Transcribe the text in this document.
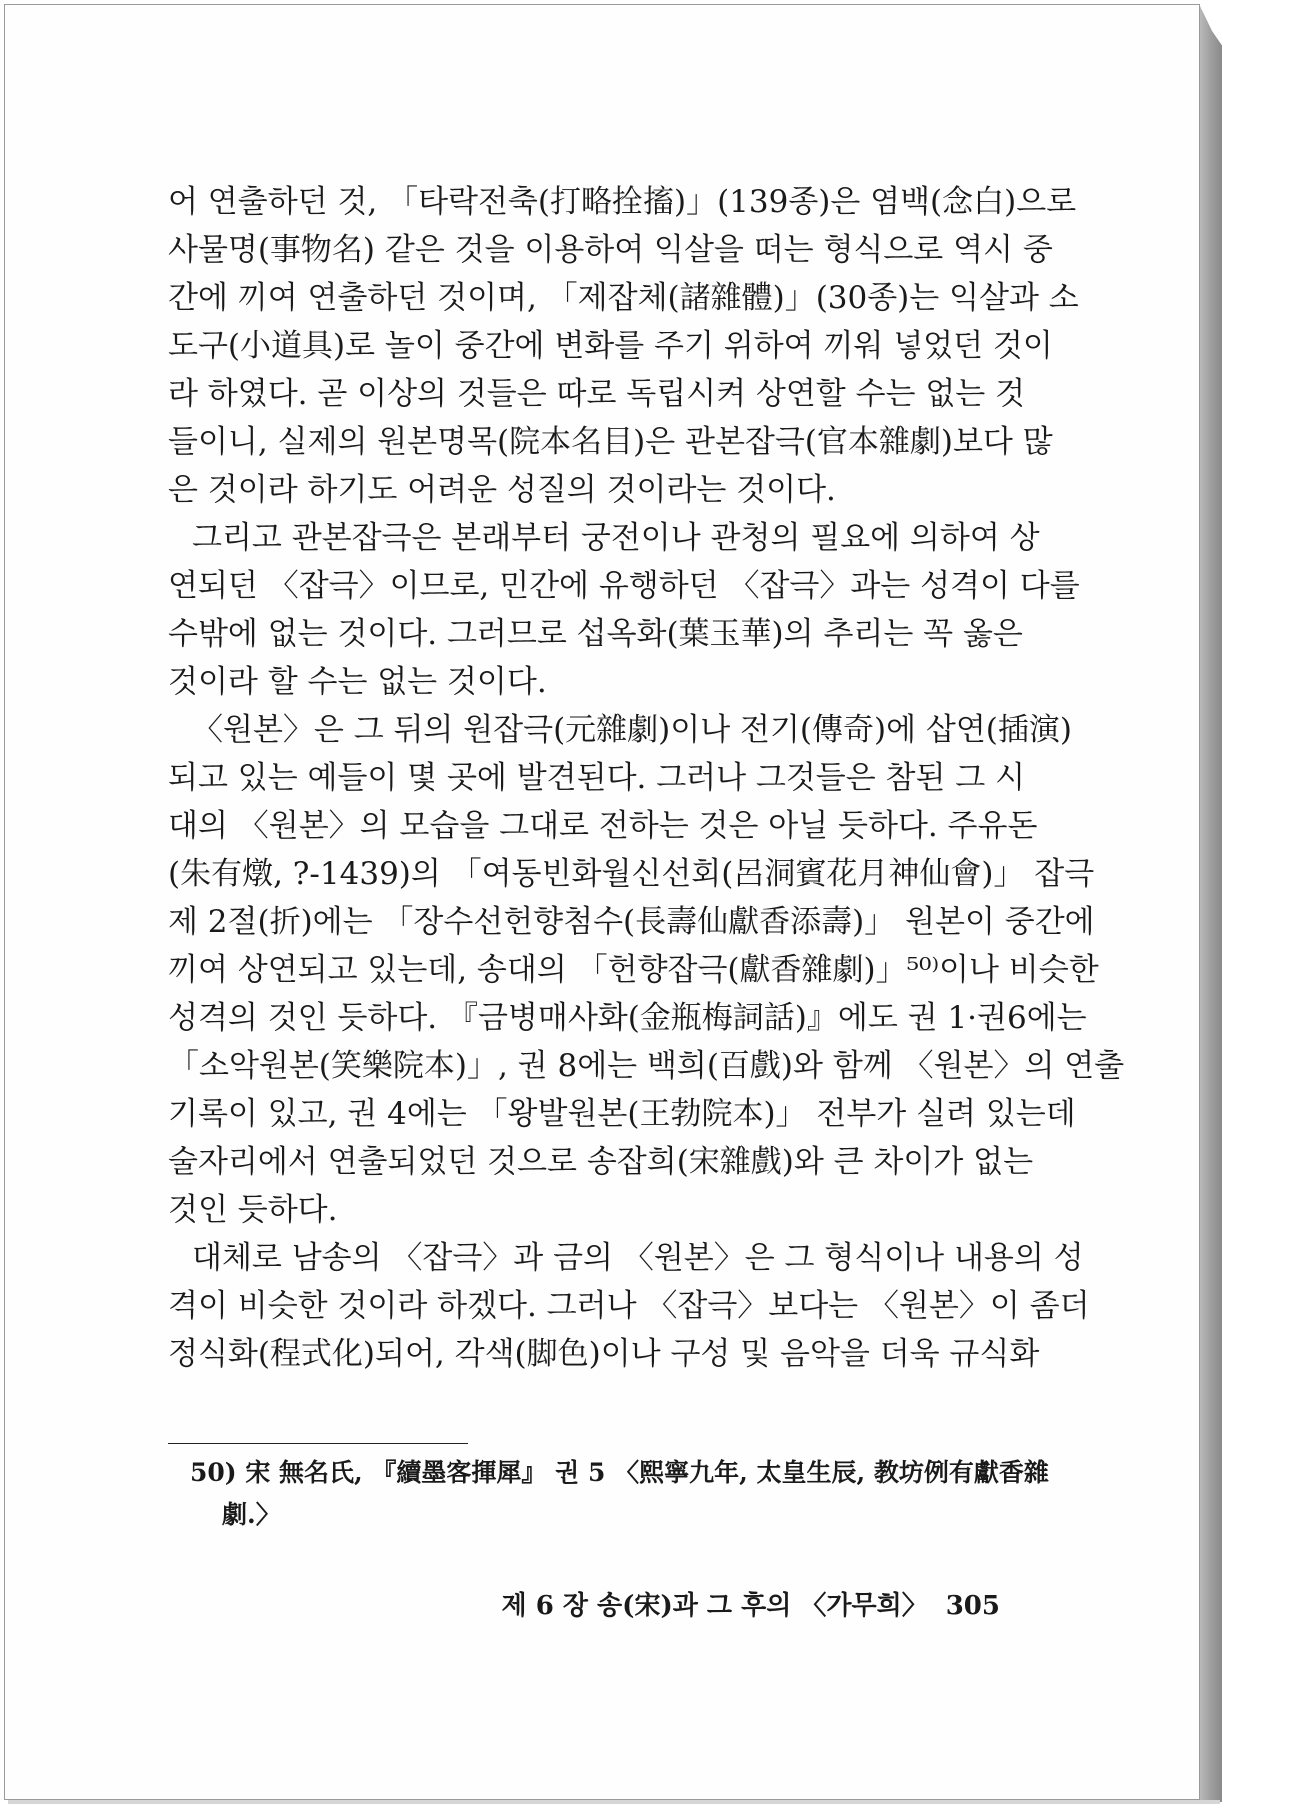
어 연출하던 것, 「타락전축(打略拴搐)」(139종)은 염백(念白)으로
사물명(事物名) 같은 것을 이용하여 익살을 떠는 형식으로 역시 중
간에 끼여 연출하던 것이며, 「제잡체(諸雜體)」(30종)는 익살과 소
도구(小道具)로 놀이 중간에 변화를 주기 위하여 끼워 넣었던 것이
라 하였다. 곧 이상의 것들은 따로 독립시켜 상연할 수는 없는 것
들이니, 실제의 원본명목(院本名目)은 관본잡극(官本雜劇)보다 많
은 것이라 하기도 어려운 성질의 것이라는 것이다.
그리고 관본잡극은 본래부터 궁전이나 관청의 필요에 의하여 상
연되던 〈잡극〉이므로, 민간에 유행하던 〈잡극〉과는 성격이 다를
수밖에 없는 것이다. 그러므로 섭옥화(葉玉華)의 추리는 꼭 옳은
것이라 할 수는 없는 것이다.
〈원본〉은 그 뒤의 원잡극(元雜劇)이나 전기(傳奇)에 삽연(插演)
되고 있는 예들이 몇 곳에 발견된다. 그러나 그것들은 참된 그 시
대의 〈원본〉의 모습을 그대로 전하는 것은 아닐 듯하다. 주유돈
(朱有燉, ?-1439)의 「여동빈화월신선회(呂洞賓花月神仙會)」 잡극
제 2절(折)에는 「장수선헌향첨수(長壽仙獻香添壽)」 원본이 중간에
끼여 상연되고 있는데, 송대의 「헌향잡극(獻香雜劇)」⁵⁰⁾이나 비슷한
성격의 것인 듯하다. 『금병매사화(金瓶梅詞話)』에도 권 1·권6에는
「소악원본(笑樂院本)」, 권 8에는 백희(百戲)와 함께 〈원본〉의 연출
기록이 있고, 권 4에는 「왕발원본(王勃院本)」 전부가 실려 있는데
술자리에서 연출되었던 것으로 송잡희(宋雜戲)와 큰 차이가 없는
것인 듯하다.
대체로 남송의 〈잡극〉과 금의 〈원본〉은 그 형식이나 내용의 성
격이 비슷한 것이라 하겠다. 그러나 〈잡극〉보다는 〈원본〉이 좀더
정식화(程式化)되어, 각색(脚色)이나 구성 및 음악을 더욱 규식화
50) 宋 無名氏, 『續墨客揮犀』 권 5 〈熙寧九年, 太皇生辰, 教坊例有獻香雜
劇.〉
제 6 장 송(宋)과 그 후의 〈가무희〉 305
